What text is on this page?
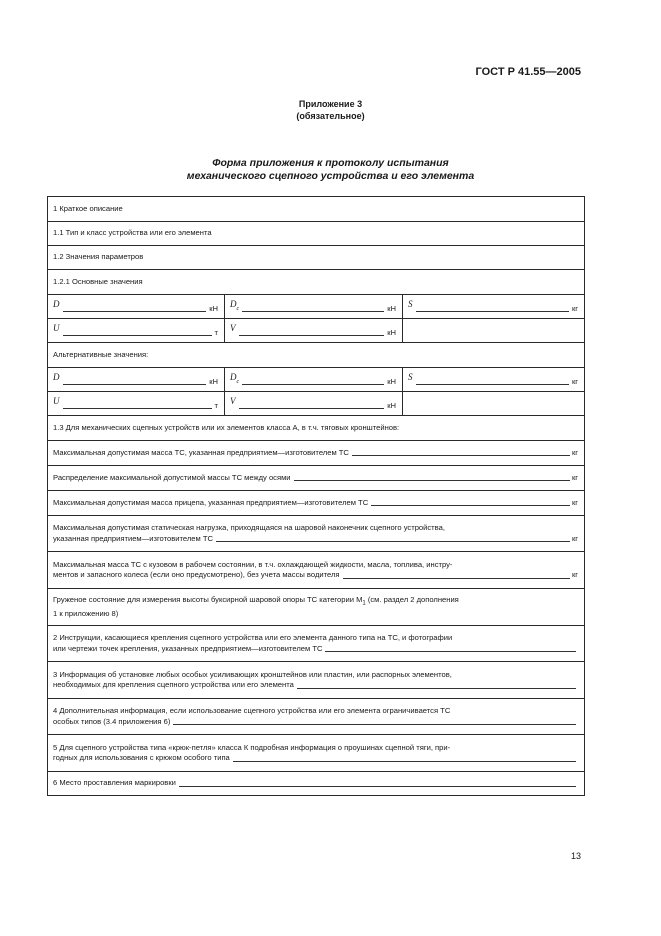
ГОСТ Р 41.55—2005
Приложение 3
(обязательное)
Форма приложения к протоколу испытания
механического сцепного устройства и его элемента
1 Краткое описание		
1.1 Тип и класс устройства или его элемента		
1.2 Значения параметров		
1.2.1 Основные значения		

D кН	$D_c$ кН	S кг

U т	V кН	

Альтернативные значения:		

D кН	$D_c$ кН	S кг

U т	V кН	

1.3 Для механических сцепных устройств или их элементов класса А, в т.ч. тяговых кронштейнов:		

Максимальная допустимая масса ТС, указанная предприятием—изготовителем ТС кг		

Распределение максимальной допустимой массы ТС между осями кг		

Максимальная допустимая масса прицепа, указанная предприятием—изготовителем ТС кг		

Максимальная допустимая статическая нагрузка, приходящаяся на шаровой наконечник сцепного устройства,
указанная предприятием—изготовителем ТС кг		

Максимальная масса ТС с кузовом в рабочем состоянии, в т.ч. охлаждающей жидкости, масла, топлива, инстру-
ментов и запасного колеса (если оно предусмотрено), без учета массы водителя кг		

Груженое состояние для измерения высоты буксирной шаровой опоры ТС категории $М_1$ (см. раздел 2 дополнения
1 к приложению 8)		

2 Инструкции, касающиеся крепления сцепного устройства или его элемента данного типа на ТС, и фотографии
или чертежи точек крепления, указанных предприятием—изготовителем ТС		

3 Информация об установке любых особых усиливающих кронштейнов или пластин, или распорных элементов,
необходимых для крепления сцепного устройства или его элемента		

4 Дополнительная информация, если использование сцепного устройства или его элемента ограничивается ТС
особых типов (3.4 приложения 6)		

5 Для сцепного устройства типа «крюк-петля» класса К подробная информация о проушинах сцепной тяги, при-
годных для использования с крюком особого типа		

6 Место проставления маркировки		
13
